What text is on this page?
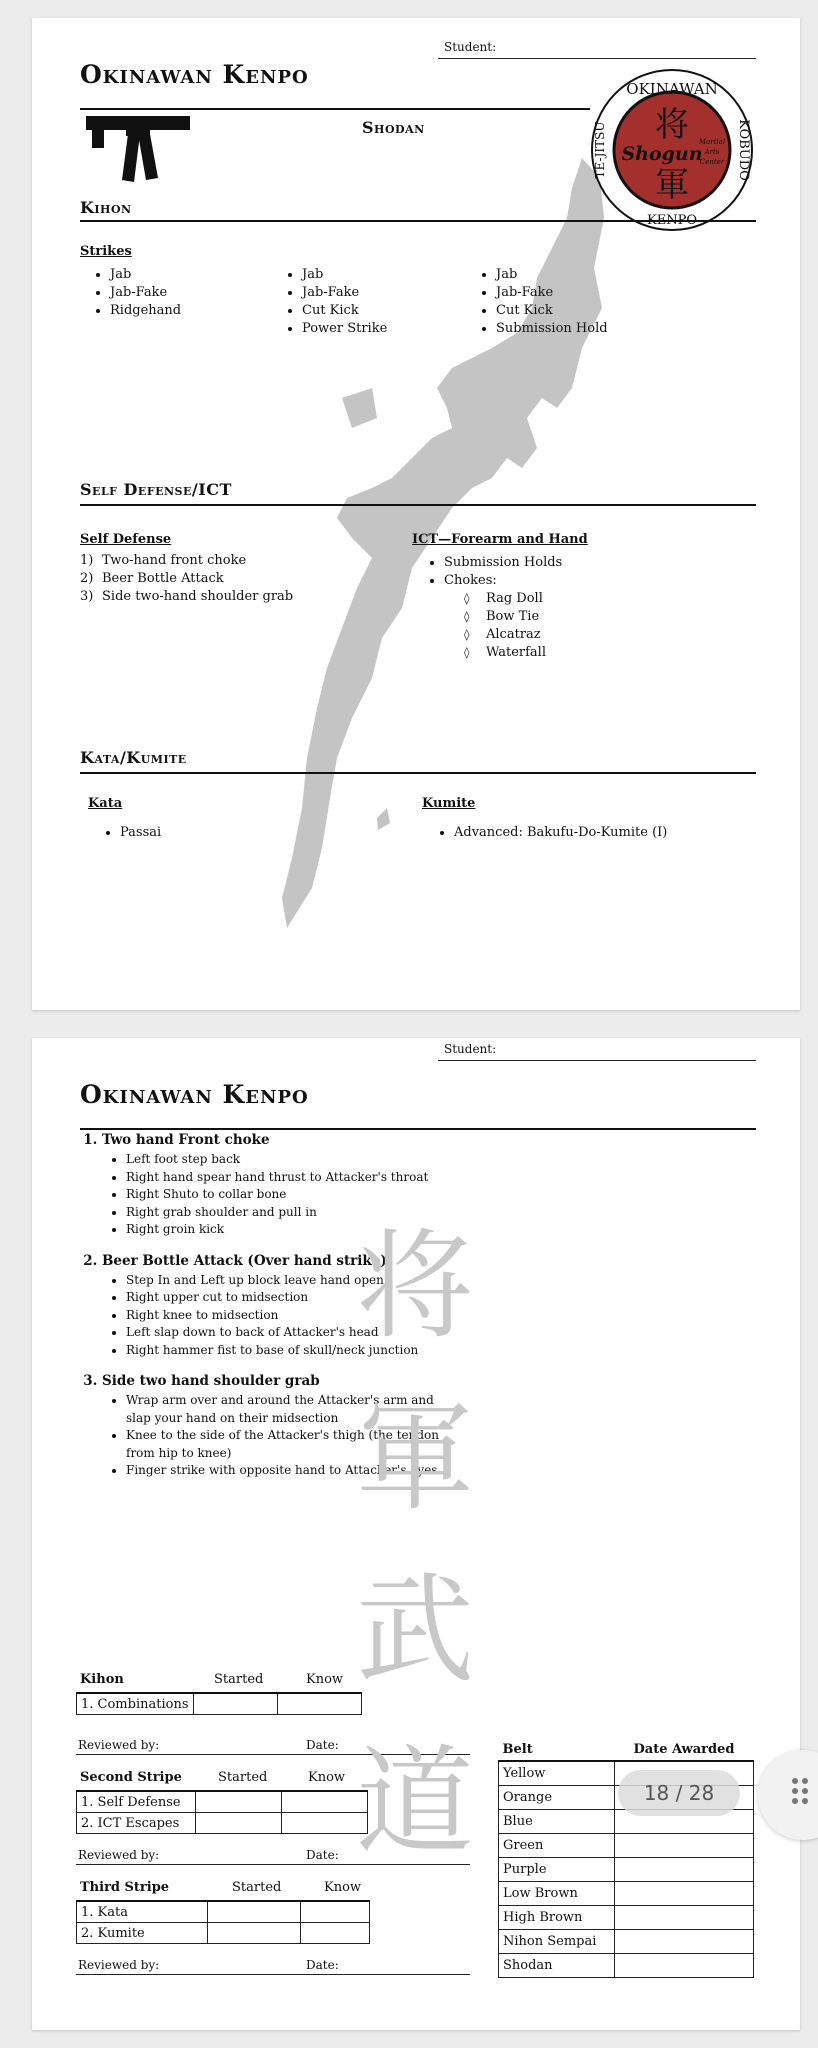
Student:
Okinawan Kenpo
Shodan
OKINAWAN
TE-JITSU	KOBUDO
KENPO
将
軍
Shogun
Martial
Arts
Center
Kihon
Strikes
• Jab
• Jab-Fake
• Ridgehand
• Jab
• Jab-Fake
• Cut Kick
• Power Strike
• Jab
• Jab-Fake
• Cut Kick
• Submission Hold
Self Defense/ICT
Self Defense
1) Two-hand front choke
2) Beer Bottle Attack
3) Side two-hand shoulder grab
ICT—Forearm and Hand
• Submission Holds
• Chokes:
◊ Rag Doll
◊ Bow Tie
◊ Alcatraz
◊ Waterfall
Kata/Kumite
Kata
• Passai
Kumite
• Advanced: Bakufu-Do-Kumite (I)
Student:
Okinawan Kenpo
1. Two hand Front choke
• Left foot step back
• Right hand spear hand thrust to Attacker's throat
• Right Shuto to collar bone
• Right grab shoulder and pull in
• Right groin kick
2. Beer Bottle Attack (Over hand strike)
• Step In and Left up block leave hand open
• Right upper cut to midsection
• Right knee to midsection
• Left slap down to back of Attacker's head
• Right hammer fist to base of skull/neck junction
3. Side two hand shoulder grab
• Wrap arm over and around the Attacker's arm and slap your hand on their midsection
• Knee to the side of the Attacker's thigh (the tendon from hip to knee)
• Finger strike with opposite hand to Attacker's eyes
Kihon	Started	Know
1. Combinations		
Reviewed by:	Date:
Second Stripe	Started	Know
1. Self Defense		
2. ICT Escapes		
Reviewed by:	Date:
Third Stripe	Started	Know
1. Kata		
2. Kumite		
Reviewed by:	Date:
Belt	Date Awarded
Yellow	
Orange	
Blue	
Green	
Purple	
Low Brown	
High Brown	
Nihon Sempai	
Shodan	
将
軍
武
道	18 / 28
